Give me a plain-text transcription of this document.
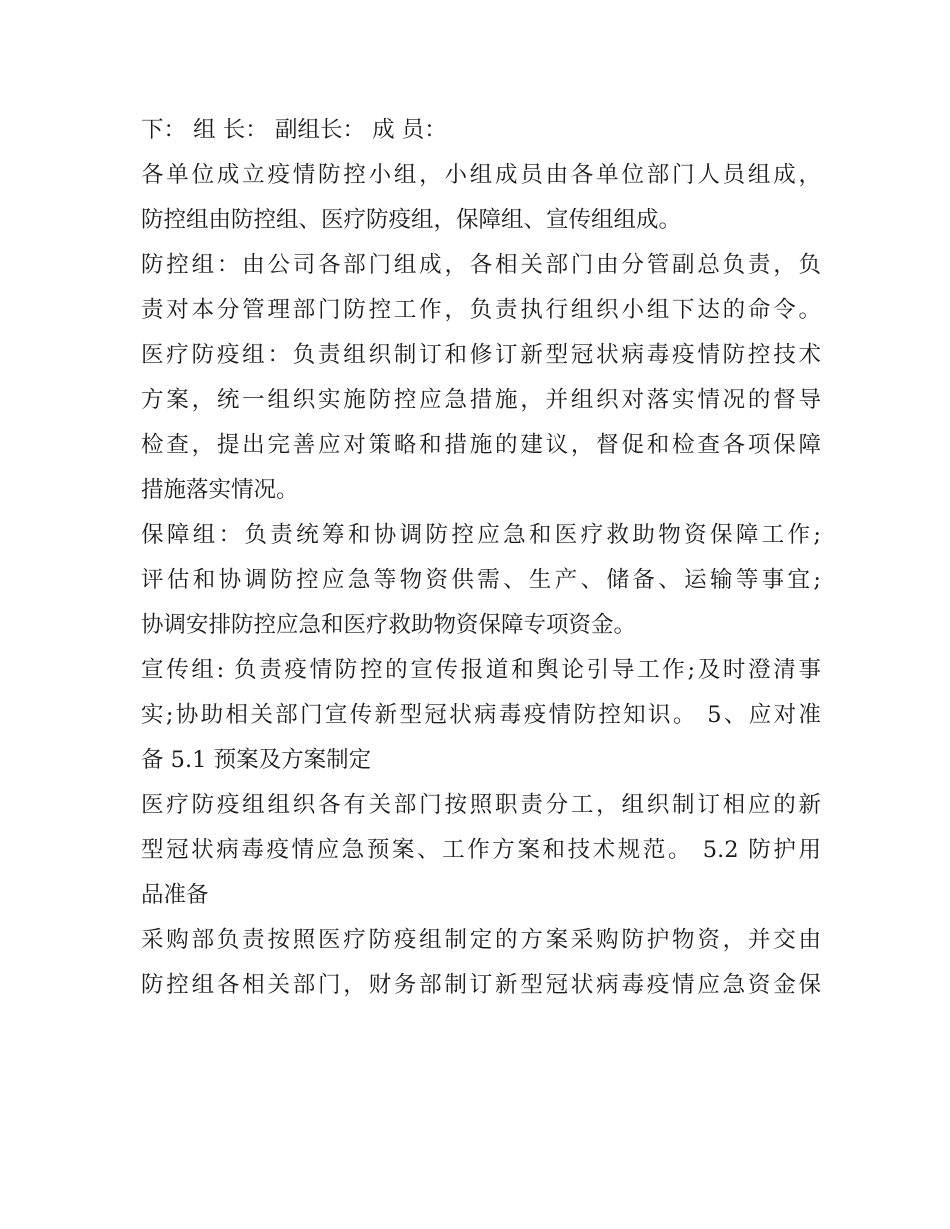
下： 组 长： 副组长： 成 员：
各单位成立疫情防控小组，小组成员由各单位部门人员组成，
防控组由防控组、医疗防疫组，保障组、宣传组组成。
防控组：由公司各部门组成，各相关部门由分管副总负责，负
责对本分管理部门防控工作，负责执行组织小组下达的命令。
医疗防疫组：负责组织制订和修订新型冠状病毒疫情防控技术
方案，统一组织实施防控应急措施，并组织对落实情况的督导
检查，提出完善应对策略和措施的建议，督促和检查各项保障
措施落实情况。
保障组：负责统筹和协调防控应急和医疗救助物资保障工作;
评估和协调防控应急等物资供需、生产、储备、运输等事宜;
协调安排防控应急和医疗救助物资保障专项资金。
宣传组: 负责疫情防控的宣传报道和舆论引导工作;及时澄清事
实;协助相关部门宣传新型冠状病毒疫情防控知识。 5、应对准
备 5.1 预案及方案制定
医疗防疫组组织各有关部门按照职责分工，组织制订相应的新
型冠状病毒疫情应急预案、工作方案和技术规范。 5.2 防护用
品准备
采购部负责按照医疗防疫组制定的方案采购防护物资，并交由
防控组各相关部门，财务部制订新型冠状病毒疫情应急资金保
